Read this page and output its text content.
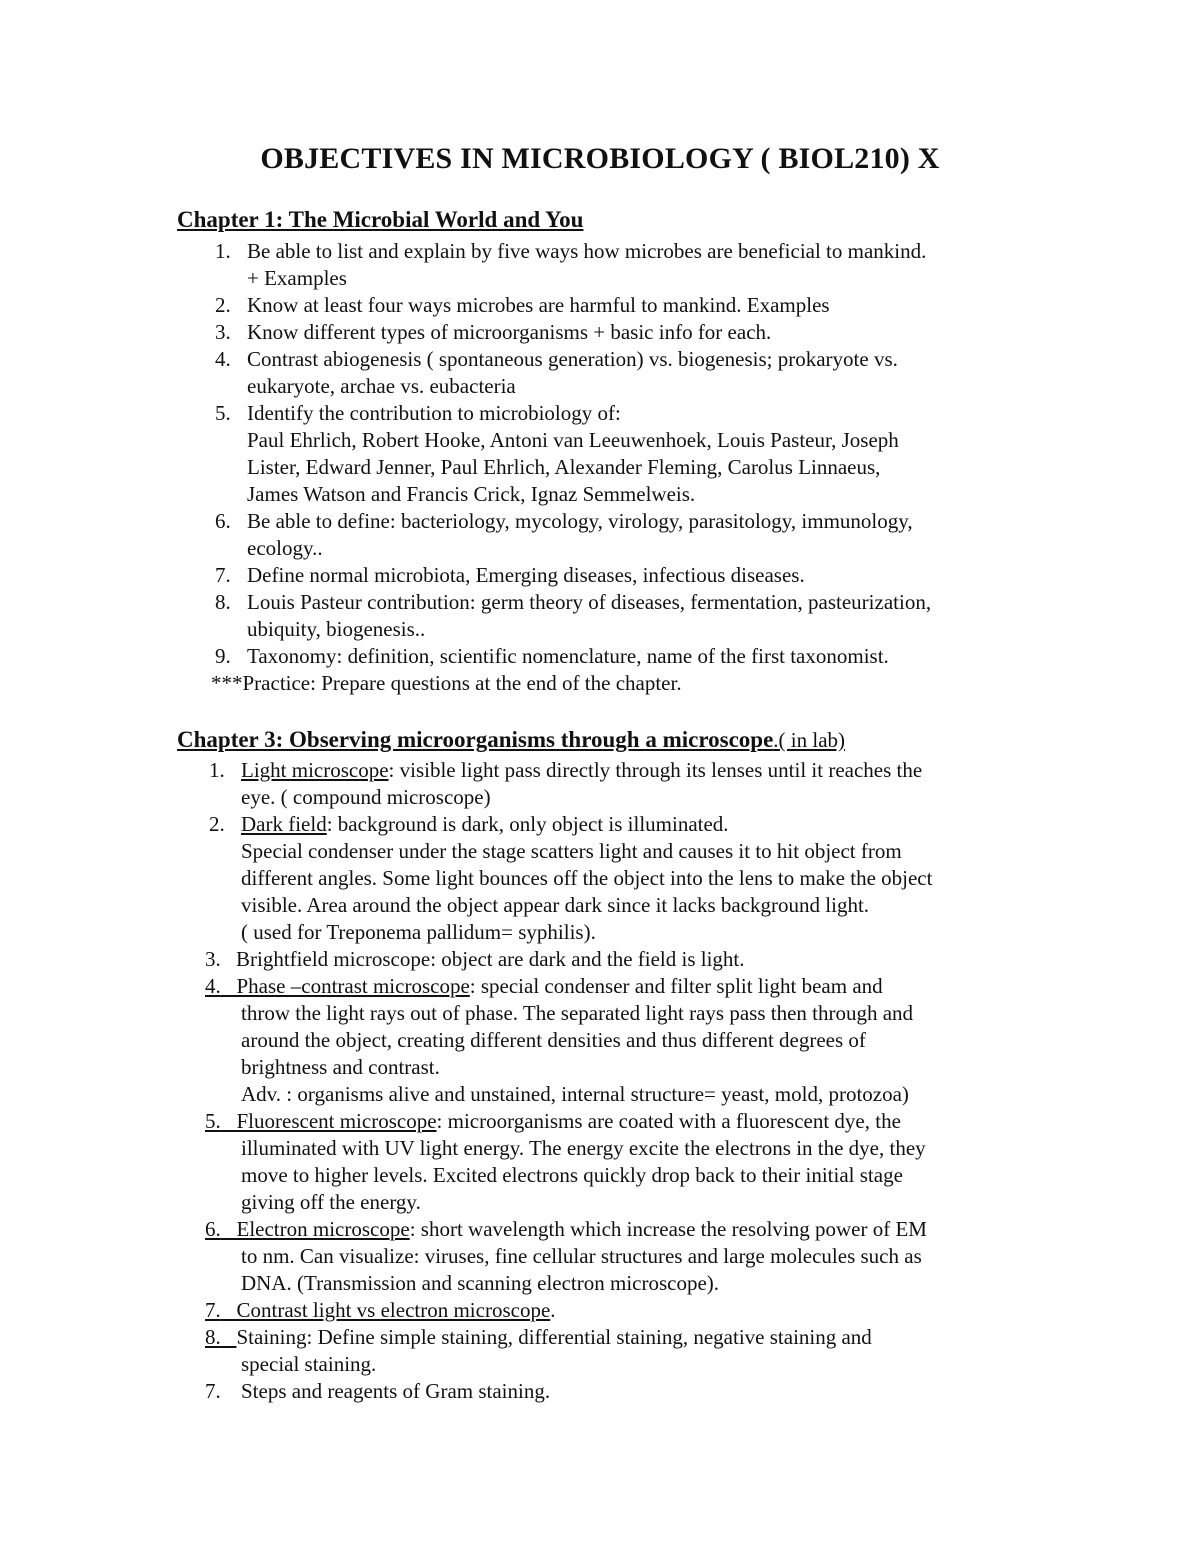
OBJECTIVES IN MICROBIOLOGY ( BIOL210) X
Chapter 1: The Microbial World and You
1. Be able to list and explain by five ways how microbes are beneficial to mankind.
+ Examples
2. Know at least four ways microbes are harmful to mankind. Examples
3. Know different types of microorganisms + basic info for each.
4. Contrast abiogenesis ( spontaneous generation) vs. biogenesis; prokaryote vs.
eukaryote, archae vs. eubacteria
5. Identify the contribution to microbiology of:
Paul Ehrlich, Robert Hooke, Antoni van Leeuwenhoek, Louis Pasteur, Joseph
Lister, Edward Jenner, Paul Ehrlich, Alexander Fleming, Carolus Linnaeus,
James Watson and Francis Crick, Ignaz Semmelweis.
6. Be able to define: bacteriology, mycology, virology, parasitology, immunology,
ecology..
7. Define normal microbiota, Emerging diseases, infectious diseases.
8. Louis Pasteur contribution: germ theory of diseases, fermentation, pasteurization,
ubiquity, biogenesis..
9. Taxonomy: definition, scientific nomenclature, name of the first taxonomist.
***Practice: Prepare questions at the end of the chapter.
Chapter 3: Observing microorganisms through a microscope.( in lab)
1. Light microscope: visible light pass directly through its lenses until it reaches the
eye. ( compound microscope)
2. Dark field: background is dark, only object is illuminated.
Special condenser under the stage scatters light and causes it to hit object from
different angles. Some light bounces off the object into the lens to make the object
visible. Area around the object appear dark since it lacks background light.
( used for Treponema pallidum= syphilis).
3. Brightfield microscope: object are dark and the field is light.
4. Phase –contrast microscope: special condenser and filter split light beam and
throw the light rays out of phase. The separated light rays pass then through and
around the object, creating different densities and thus different degrees of
brightness and contrast.
Adv. : organisms alive and unstained, internal structure= yeast, mold, protozoa)
5. Fluorescent microscope: microorganisms are coated with a fluorescent dye, the
illuminated with UV light energy. The energy excite the electrons in the dye, they
move to higher levels. Excited electrons quickly drop back to their initial stage
giving off the energy.
6. Electron microscope: short wavelength which increase the resolving power of EM
to nm. Can visualize: viruses, fine cellular structures and large molecules such as
DNA. (Transmission and scanning electron microscope).
7. Contrast light vs electron microscope.
8. Staining: Define simple staining, differential staining, negative staining and
special staining.
7. Steps and reagents of Gram staining.
